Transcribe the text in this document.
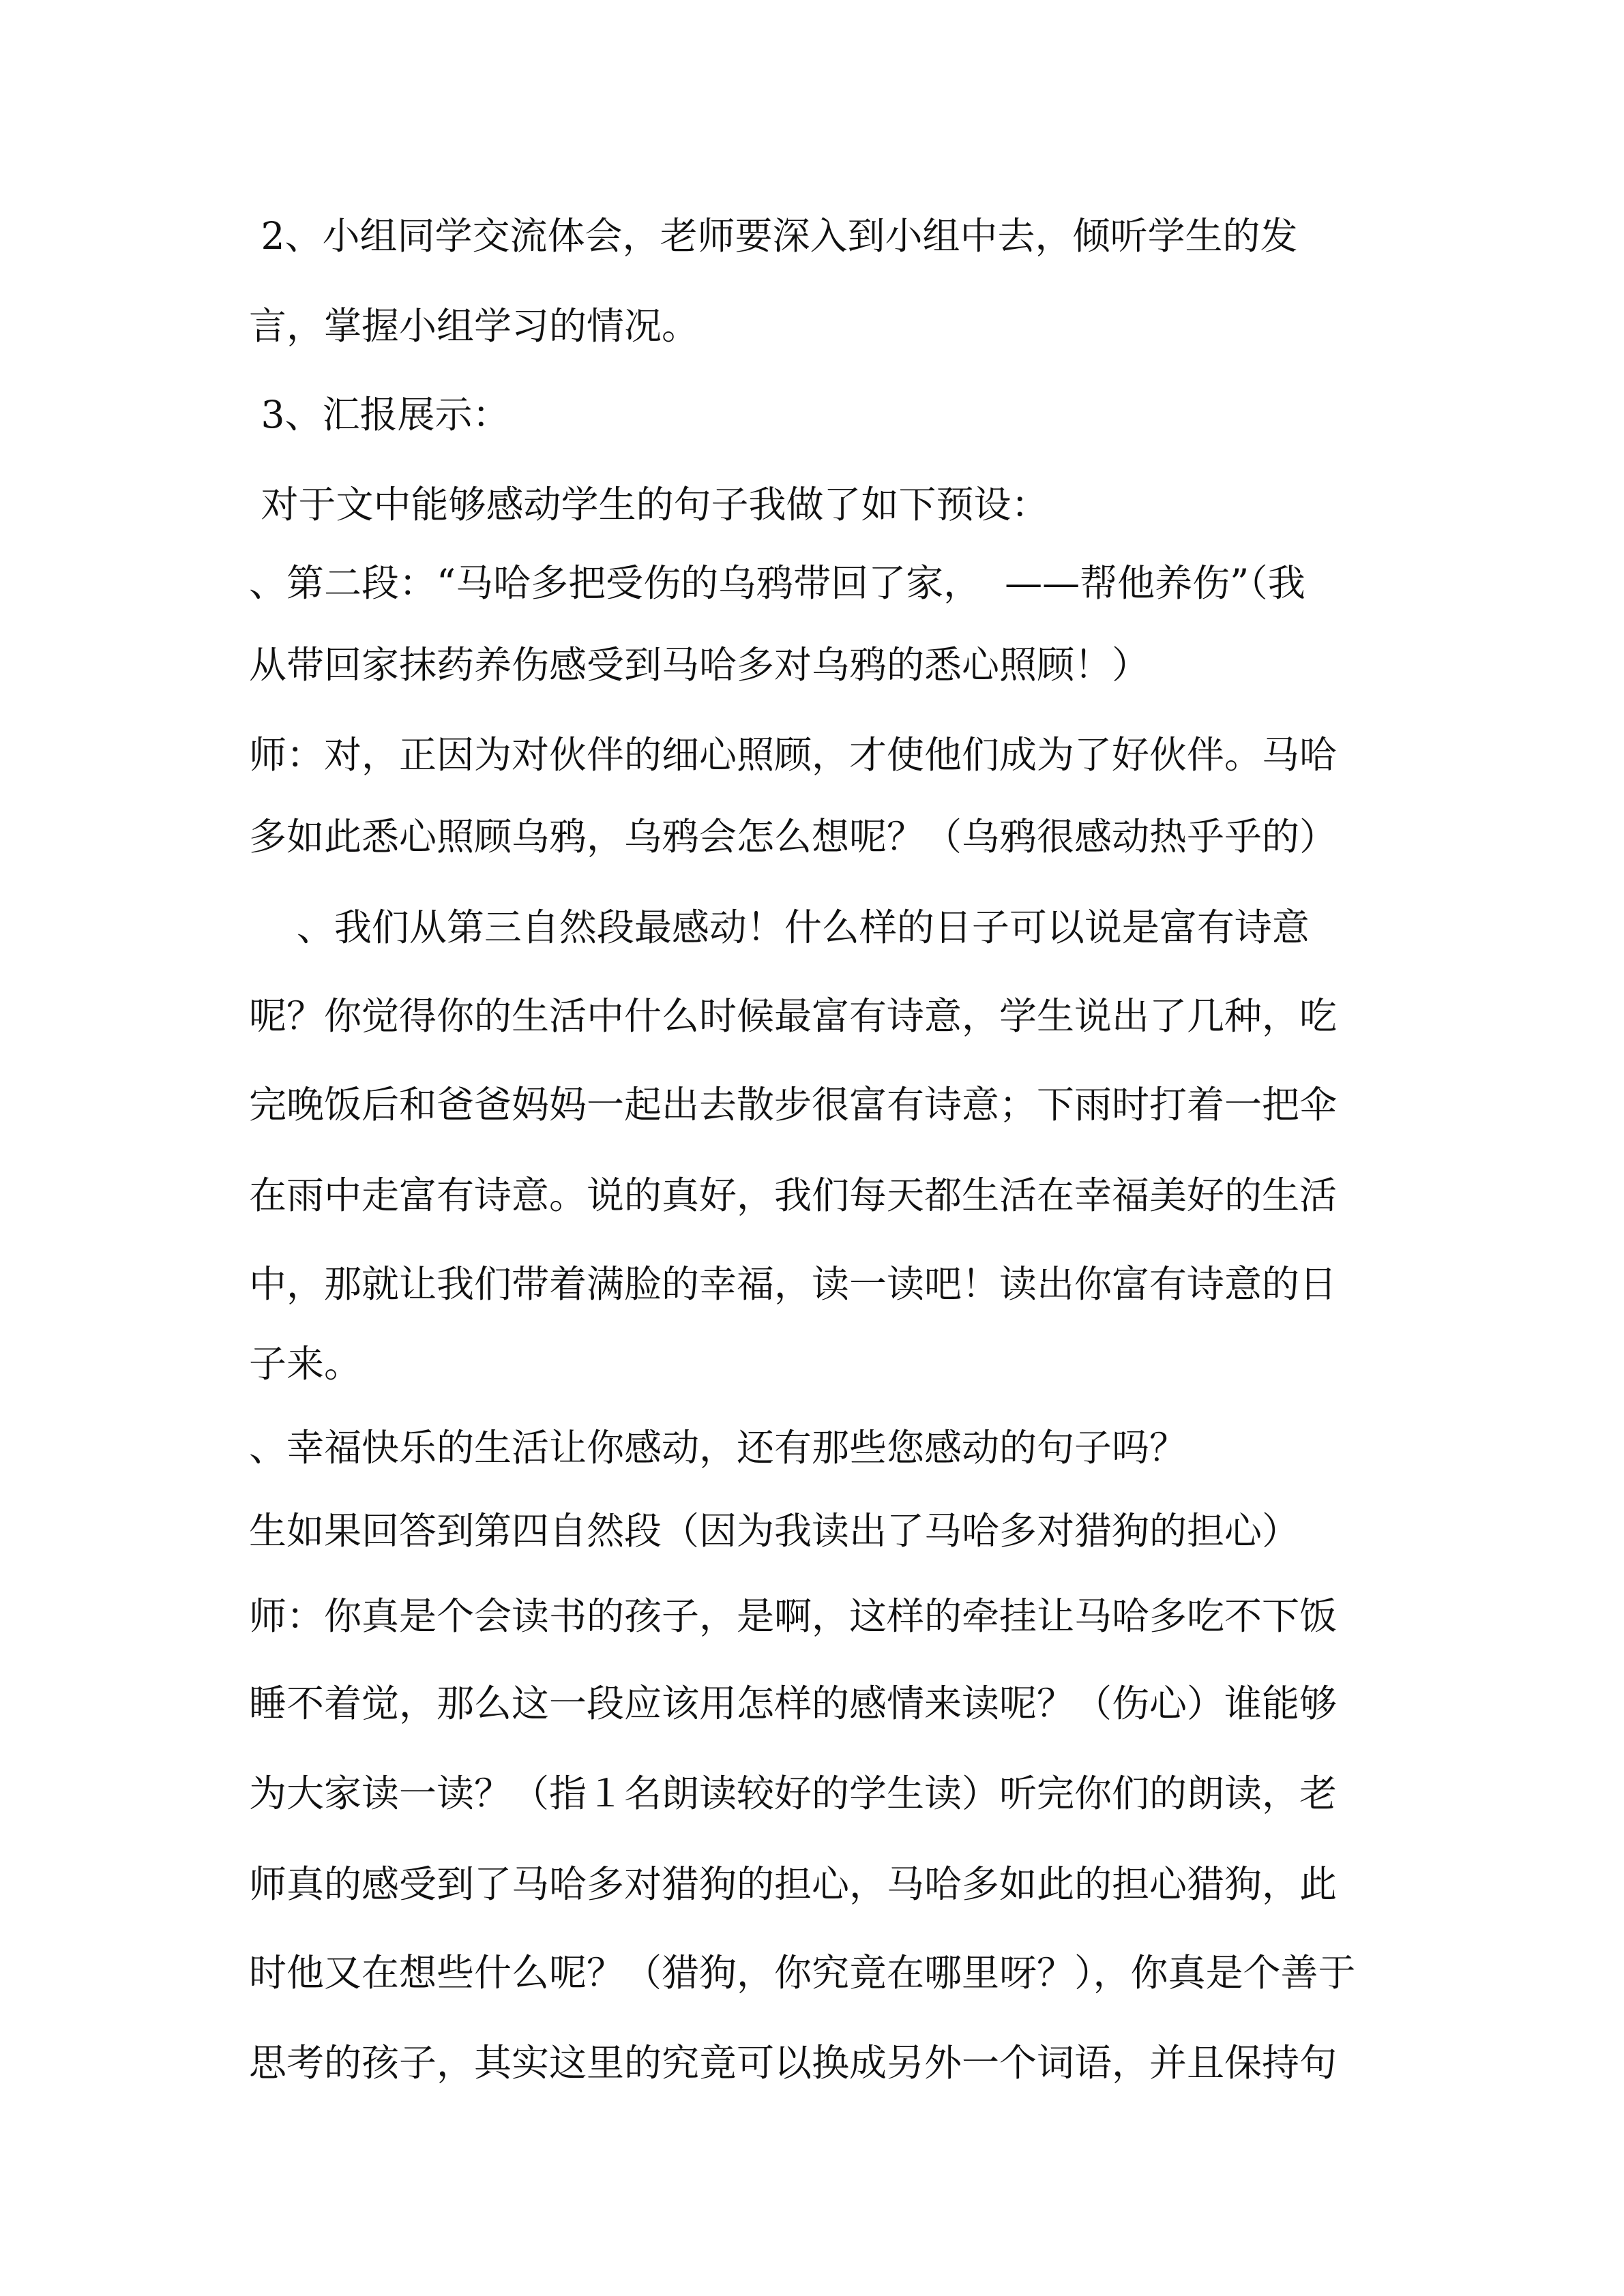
2、小组同学交流体会，老师要深入到小组中去，倾听学生的发
言，掌握小组学习的情况。
3、汇报展示：
对于文中能够感动学生的句子我做了如下预设：
、第二段：“马哈多把受伤的乌鸦带回了家，  ——帮他养伤”（我
从带回家抹药养伤感受到马哈多对乌鸦的悉心照顾！）
师：对，正因为对伙伴的细心照顾，才使他们成为了好伙伴。马哈
多如此悉心照顾乌鸦，乌鸦会怎么想呢？（乌鸦很感动热乎乎的）
、我们从第三自然段最感动！什么样的日子可以说是富有诗意
呢？你觉得你的生活中什么时候最富有诗意，学生说出了几种，吃
完晚饭后和爸爸妈妈一起出去散步很富有诗意；下雨时打着一把伞
在雨中走富有诗意。说的真好，我们每天都生活在幸福美好的生活
中，那就让我们带着满脸的幸福，读一读吧！读出你富有诗意的日
子来。
、幸福快乐的生活让你感动，还有那些您感动的句子吗？
生如果回答到第四自然段（因为我读出了马哈多对猎狗的担心）
师：你真是个会读书的孩子，是啊，这样的牵挂让马哈多吃不下饭
睡不着觉，那么这一段应该用怎样的感情来读呢？（伤心）谁能够
为大家读一读？（指１名朗读较好的学生读）听完你们的朗读，老
师真的感受到了马哈多对猎狗的担心，马哈多如此的担心猎狗，此
时他又在想些什么呢？（猎狗，你究竟在哪里呀？），你真是个善于
思考的孩子，其实这里的究竟可以换成另外一个词语，并且保持句
